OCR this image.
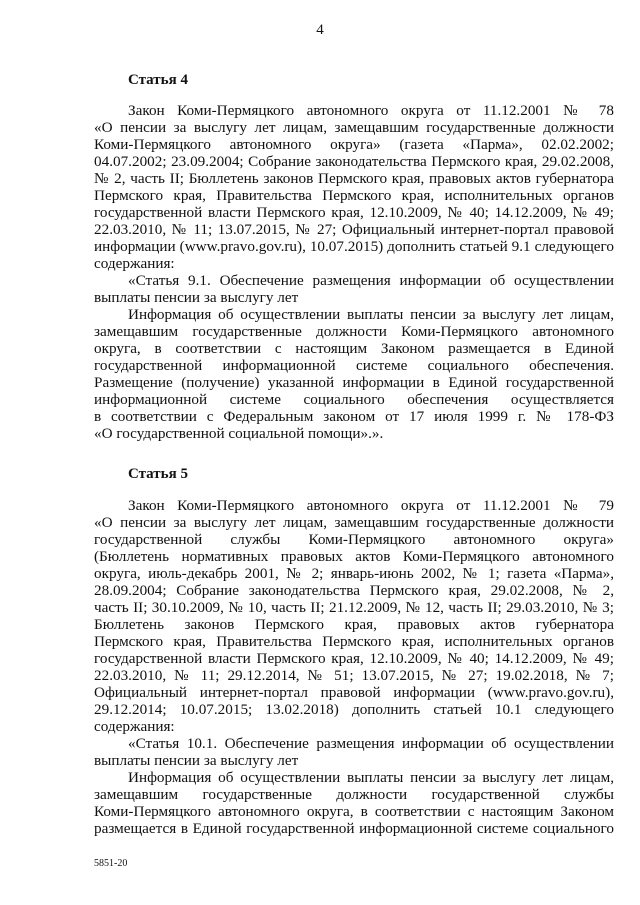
4
Статья 4
Закон Коми-Пермяцкого автономного округа от 11.12.2001 № 78
«О пенсии за выслугу лет лицам, замещавшим государственные должности
Коми-Пермяцкого автономного округа» (газета «Парма», 02.02.2002;
04.07.2002; 23.09.2004; Собрание законодательства Пермского края, 29.02.2008,
№ 2, часть II; Бюллетень законов Пермского края, правовых актов губернатора
Пермского края, Правительства Пермского края, исполнительных органов
государственной власти Пермского края, 12.10.2009, № 40; 14.12.2009, № 49;
22.03.2010, № 11; 13.07.2015, № 27; Официальный интернет-портал правовой
информации (www.pravo.gov.ru), 10.07.2015) дополнить статьей 9.1 следующего
содержания:
«Статья 9.1. Обеспечение размещения информации об осуществлении
выплаты пенсии за выслугу лет
Информация об осуществлении выплаты пенсии за выслугу лет лицам,
замещавшим государственные должности Коми-Пермяцкого автономного
округа, в соответствии с настоящим Законом размещается в Единой
государственной информационной системе социального обеспечения.
Размещение (получение) указанной информации в Единой государственной
информационной системе социального обеспечения осуществляется
в соответствии с Федеральным законом от 17 июля 1999 г. № 178-ФЗ
«О государственной социальной помощи».».
Статья 5
Закон Коми-Пермяцкого автономного округа от 11.12.2001 № 79
«О пенсии за выслугу лет лицам, замещавшим государственные должности
государственной службы Коми-Пермяцкого автономного округа»
(Бюллетень нормативных правовых актов Коми-Пермяцкого автономного
округа, июль-декабрь 2001, № 2; январь-июнь 2002, № 1; газета «Парма»,
28.09.2004; Собрание законодательства Пермского края, 29.02.2008, № 2,
часть II; 30.10.2009, № 10, часть II; 21.12.2009, № 12, часть II; 29.03.2010, № 3;
Бюллетень законов Пермского края, правовых актов губернатора
Пермского края, Правительства Пермского края, исполнительных органов
государственной власти Пермского края, 12.10.2009, № 40; 14.12.2009, № 49;
22.03.2010, № 11; 29.12.2014, № 51; 13.07.2015, № 27; 19.02.2018, № 7;
Официальный интернет-портал правовой информации (www.pravo.gov.ru),
29.12.2014; 10.07.2015; 13.02.2018) дополнить статьей 10.1 следующего
содержания:
«Статья 10.1. Обеспечение размещения информации об осуществлении
выплаты пенсии за выслугу лет
Информация об осуществлении выплаты пенсии за выслугу лет лицам,
замещавшим государственные должности государственной службы
Коми-Пермяцкого автономного округа, в соответствии с настоящим Законом
размещается в Единой государственной информационной системе социального
5851-20
